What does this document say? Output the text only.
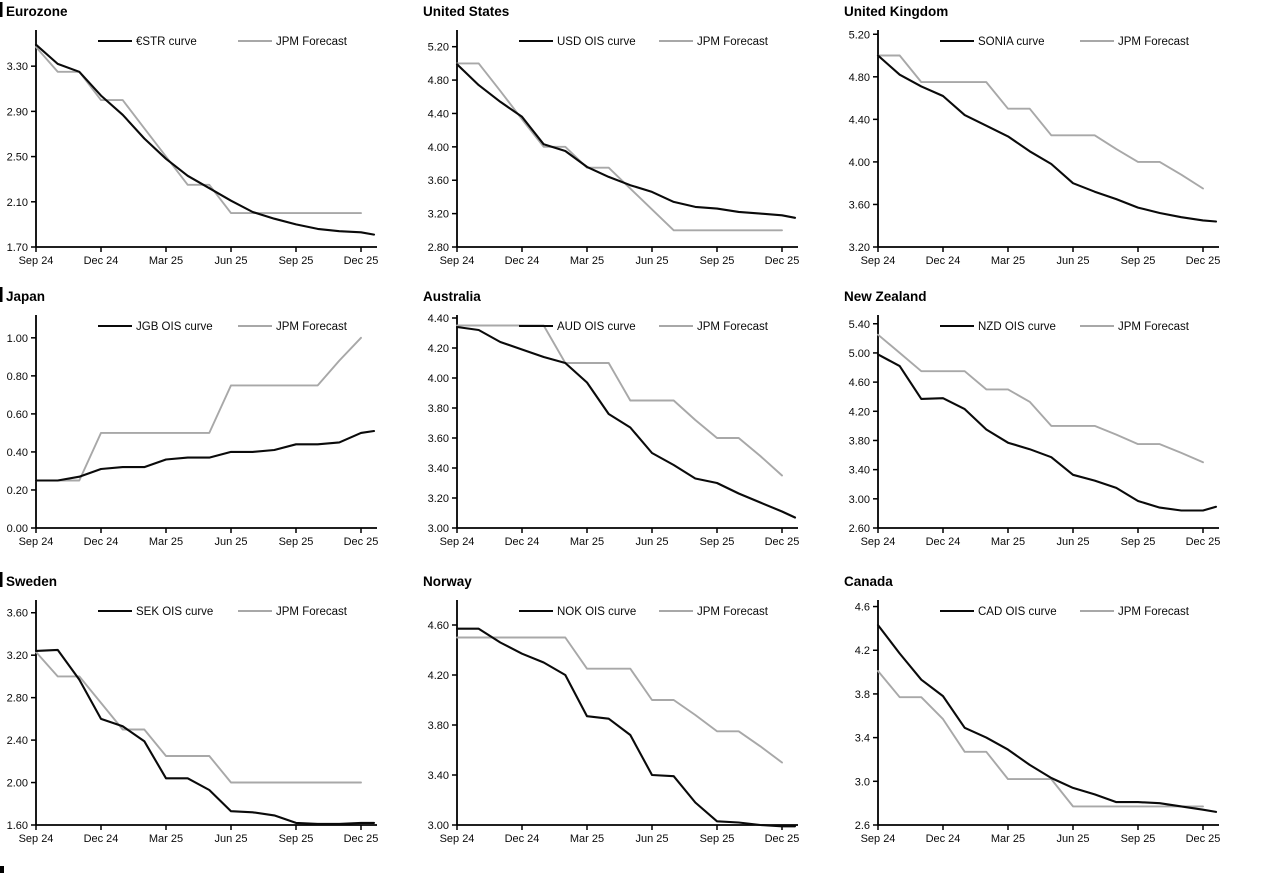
Eurozone
1.70
2.10
2.50
2.90
3.30
Sep 24	Dec 24	Mar 25	Jun 25	Sep 25	Dec 25
€STR curve	JPM Forecast
United States
2.80
3.20
3.60
4.00
4.40
4.80
5.20
Sep 24	Dec 24	Mar 25	Jun 25	Sep 25	Dec 25
USD OIS curve	JPM Forecast
United Kingdom
3.20
3.60
4.00
4.40
4.80
5.20
Sep 24	Dec 24	Mar 25	Jun 25	Sep 25	Dec 25
SONIA curve	JPM Forecast
Japan
0.00
0.20
0.40
0.60
0.80
1.00
Sep 24	Dec 24	Mar 25	Jun 25	Sep 25	Dec 25
JGB OIS curve	JPM Forecast
Australia
3.00
3.20
3.40
3.60
3.80
4.00
4.20
4.40
Sep 24	Dec 24	Mar 25	Jun 25	Sep 25	Dec 25
AUD OIS curve	JPM Forecast
New Zealand
2.60
3.00
3.40
3.80
4.20
4.60
5.00
5.40
Sep 24	Dec 24	Mar 25	Jun 25	Sep 25	Dec 25
NZD OIS curve	JPM Forecast
Sweden
1.60
2.00
2.40
2.80
3.20
3.60
Sep 24	Dec 24	Mar 25	Jun 25	Sep 25	Dec 25
SEK OIS curve	JPM Forecast
Norway
3.00
3.40
3.80
4.20
4.60
Sep 24	Dec 24	Mar 25	Jun 25	Sep 25	Dec 25
NOK OIS curve	JPM Forecast
Canada
2.6
3.0
3.4
3.8
4.2
4.6
Sep 24	Dec 24	Mar 25	Jun 25	Sep 25	Dec 25
CAD OIS curve	JPM Forecast
